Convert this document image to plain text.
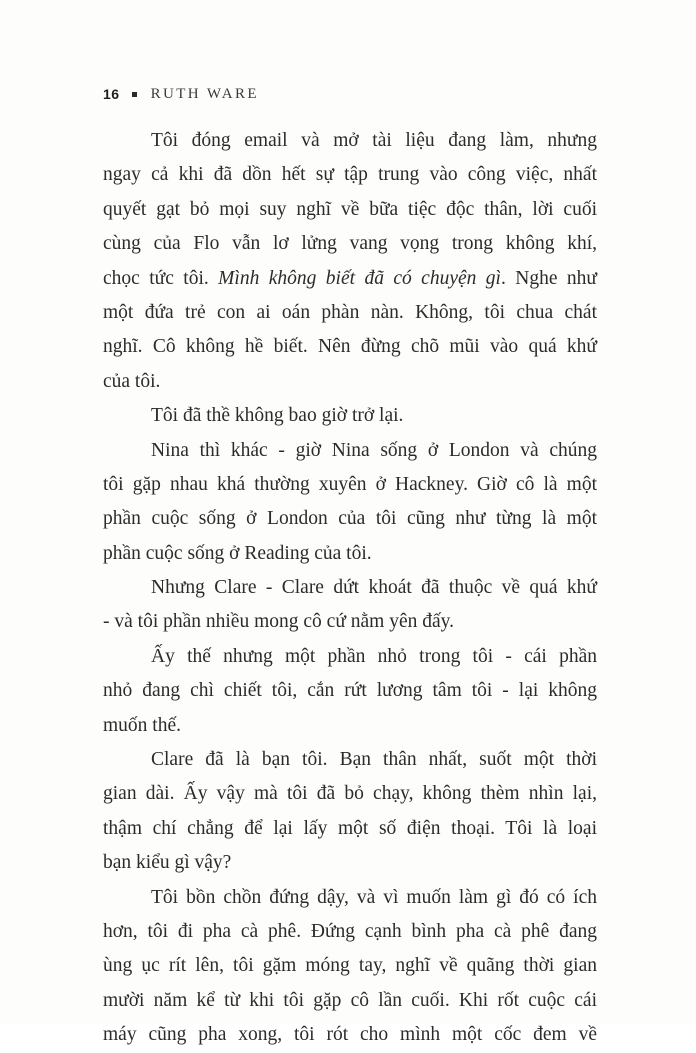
16 RUTH WARE
Tôi đóng email và mở tài liệu đang làm, nhưng
ngay cả khi đã dồn hết sự tập trung vào công việc, nhất
quyết gạt bỏ mọi suy nghĩ về bữa tiệc độc thân, lời cuối
cùng của Flo vẫn lơ lửng vang vọng trong không khí,
chọc tức tôi. Mình không biết đã có chuyện gì. Nghe như
một đứa trẻ con ai oán phàn nàn. Không, tôi chua chát
nghĩ. Cô không hề biết. Nên đừng chõ mũi vào quá khứ
của tôi.
Tôi đã thề không bao giờ trở lại.
Nina thì khác - giờ Nina sống ở London và chúng
tôi gặp nhau khá thường xuyên ở Hackney. Giờ cô là một
phần cuộc sống ở London của tôi cũng như từng là một
phần cuộc sống ở Reading của tôi.
Nhưng Clare - Clare dứt khoát đã thuộc về quá khứ
- và tôi phần nhiều mong cô cứ nằm yên đấy.
Ấy thế nhưng một phần nhỏ trong tôi - cái phần
nhỏ đang chì chiết tôi, cắn rứt lương tâm tôi - lại không
muốn thế.
Clare đã là bạn tôi. Bạn thân nhất, suốt một thời
gian dài. Ấy vậy mà tôi đã bỏ chạy, không thèm nhìn lại,
thậm chí chẳng để lại lấy một số điện thoại. Tôi là loại
bạn kiểu gì vậy?
Tôi bồn chồn đứng dậy, và vì muốn làm gì đó có ích
hơn, tôi đi pha cà phê. Đứng cạnh bình pha cà phê đang
ùng ục rít lên, tôi gặm móng tay, nghĩ về quãng thời gian
mười năm kể từ khi tôi gặp cô lần cuối. Khi rốt cuộc cái
máy cũng pha xong, tôi rót cho mình một cốc đem về
